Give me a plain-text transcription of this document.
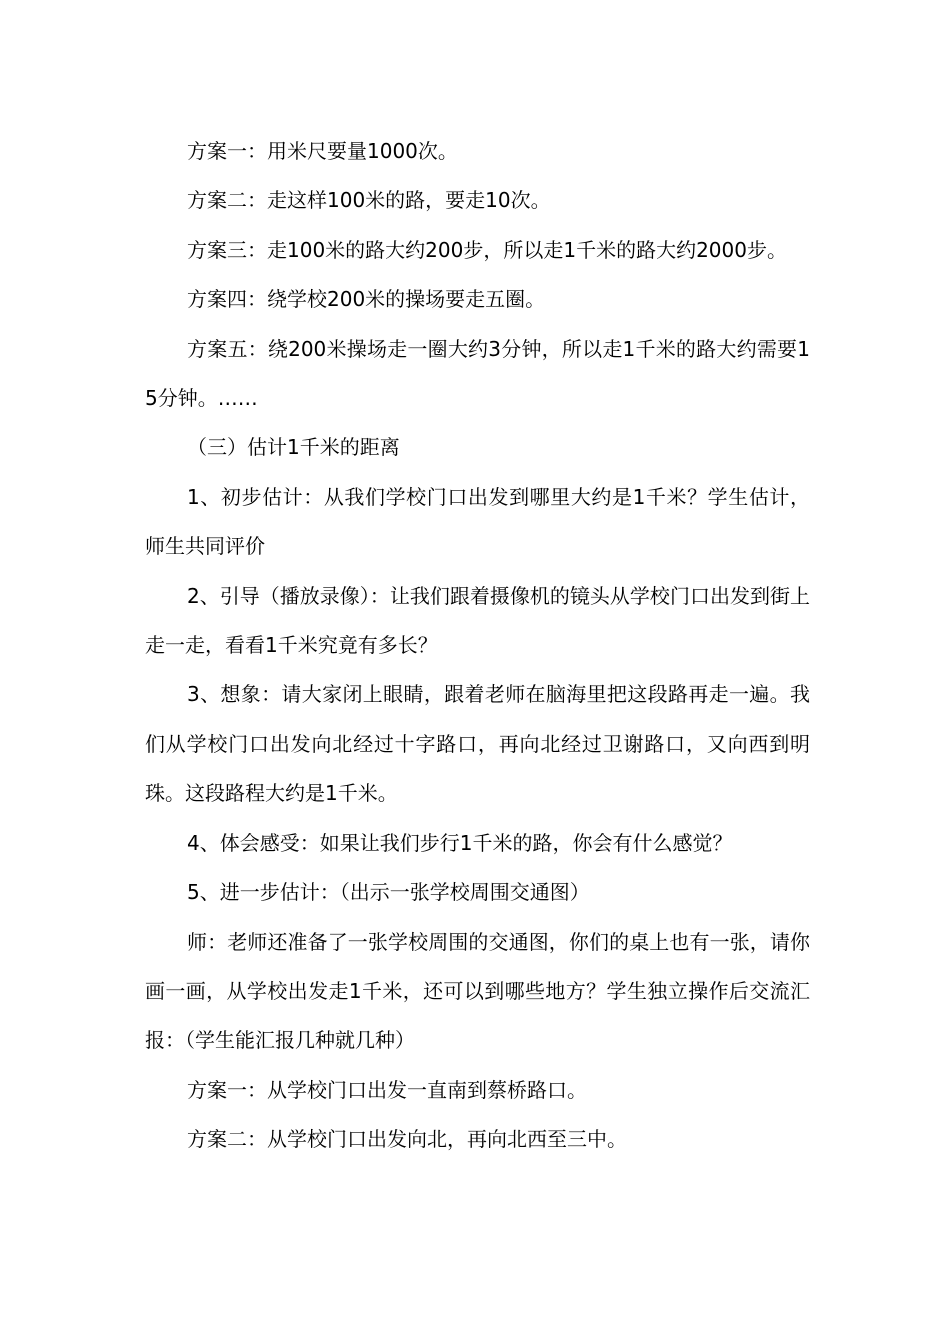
方案一：用米尺要量1000次。

方案二：走这样100米的路，要走10次。

方案三：走100米的路大约200步，所以走1千米的路大约2000步。

方案四：绕学校200米的操场要走五圈。

方案五：绕200米操场走一圈大约3分钟，所以走1千米的路大约需要15分钟。……

（三）估计1千米的距离

1、初步估计：从我们学校门口出发到哪里大约是1千米？学生估计，师生共同评价

2、引导（播放录像）：让我们跟着摄像机的镜头从学校门口出发到街上走一走，看看1千米究竟有多长？

3、想象：请大家闭上眼睛，跟着老师在脑海里把这段路再走一遍。我们从学校门口出发向北经过十字路口，再向北经过卫谢路口，又向西到明珠。这段路程大约是1千米。

4、体会感受：如果让我们步行1千米的路，你会有什么感觉？

5、进一步估计：（出示一张学校周围交通图）

师：老师还准备了一张学校周围的交通图，你们的桌上也有一张，请你画一画，从学校出发走1千米，还可以到哪些地方？学生独立操作后交流汇报：（学生能汇报几种就几种）

方案一：从学校门口出发一直南到蔡桥路口。

方案二：从学校门口出发向北，再向北西至三中。
